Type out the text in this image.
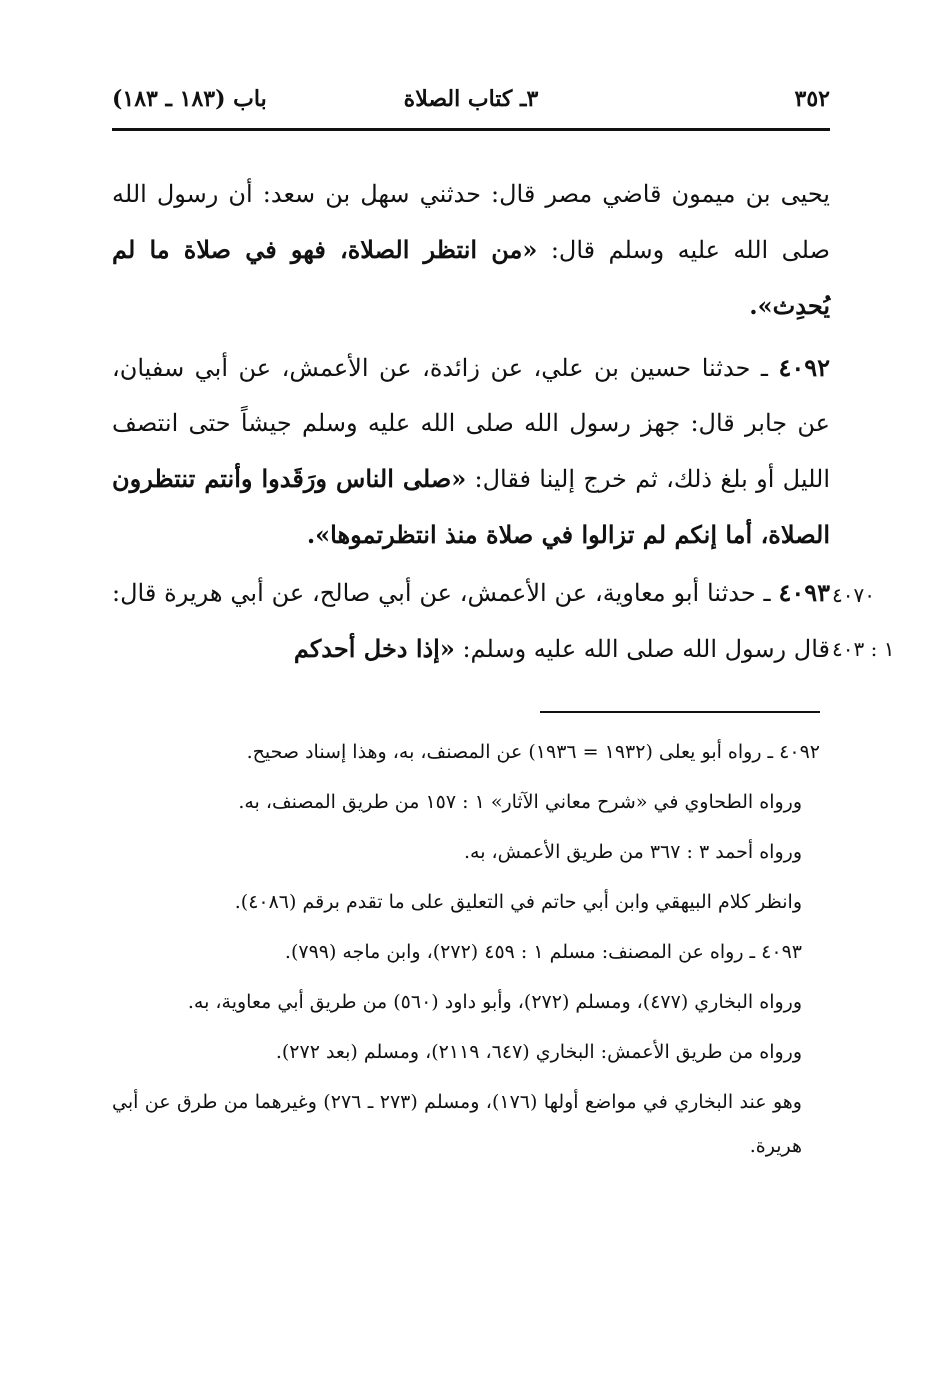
٣٥٢
٣ـ كتاب الصلاة
باب (١٨٣ ـ ١٨٣)

يحيى بن ميمون قاضي مصر قال: حدثني سهل بن سعد: أن رسول الله صلى الله عليه وسلم قال: «من انتظر الصلاة، فهو في صلاة ما لم يُحدِث».

٤٠٩٢ ـ حدثنا حسين بن علي، عن زائدة، عن الأعمش، عن أبي سفيان، عن جابر قال: جهز رسول الله صلى الله عليه وسلم جيشاً حتى انتصف الليل أو بلغ ذلك، ثم خرج إلينا فقال: «صلى الناس ورَقَدوا وأنتم تنتظرون الصلاة، أما إنكم لم تزالوا في صلاة منذ انتظرتموها».

٤٠٩٣ ـ حدثنا أبو معاوية، عن الأعمش، عن أبي صالح، عن أبي هريرة قال: قال رسول الله صلى الله عليه وسلم: «إذا دخل أحدكم

٤٠٧٠
١ : ٤٠٣

٤٠٩٢ ـ رواه أبو يعلى (١٩٣٢ = ١٩٣٦) عن المصنف، به، وهذا إسناد صحيح.

ورواه الطحاوي في «شرح معاني الآثار» ١ : ١٥٧ من طريق المصنف، به.

ورواه أحمد ٣ : ٣٦٧ من طريق الأعمش، به.

وانظر كلام البيهقي وابن أبي حاتم في التعليق على ما تقدم برقم (٤٠٨٦).

٤٠٩٣ ـ رواه عن المصنف: مسلم ١ : ٤٥٩ (٢٧٢)، وابن ماجه (٧٩٩).

ورواه البخاري (٤٧٧)، ومسلم (٢٧٢)، وأبو داود (٥٦٠) من طريق أبي معاوية، به.

ورواه من طريق الأعمش: البخاري (٦٤٧، ٢١١٩)، ومسلم (بعد ٢٧٢).

وهو عند البخاري في مواضع أولها (١٧٦)، ومسلم (٢٧٣ ـ ٢٧٦) وغيرهما من طرق عن أبي هريرة.
